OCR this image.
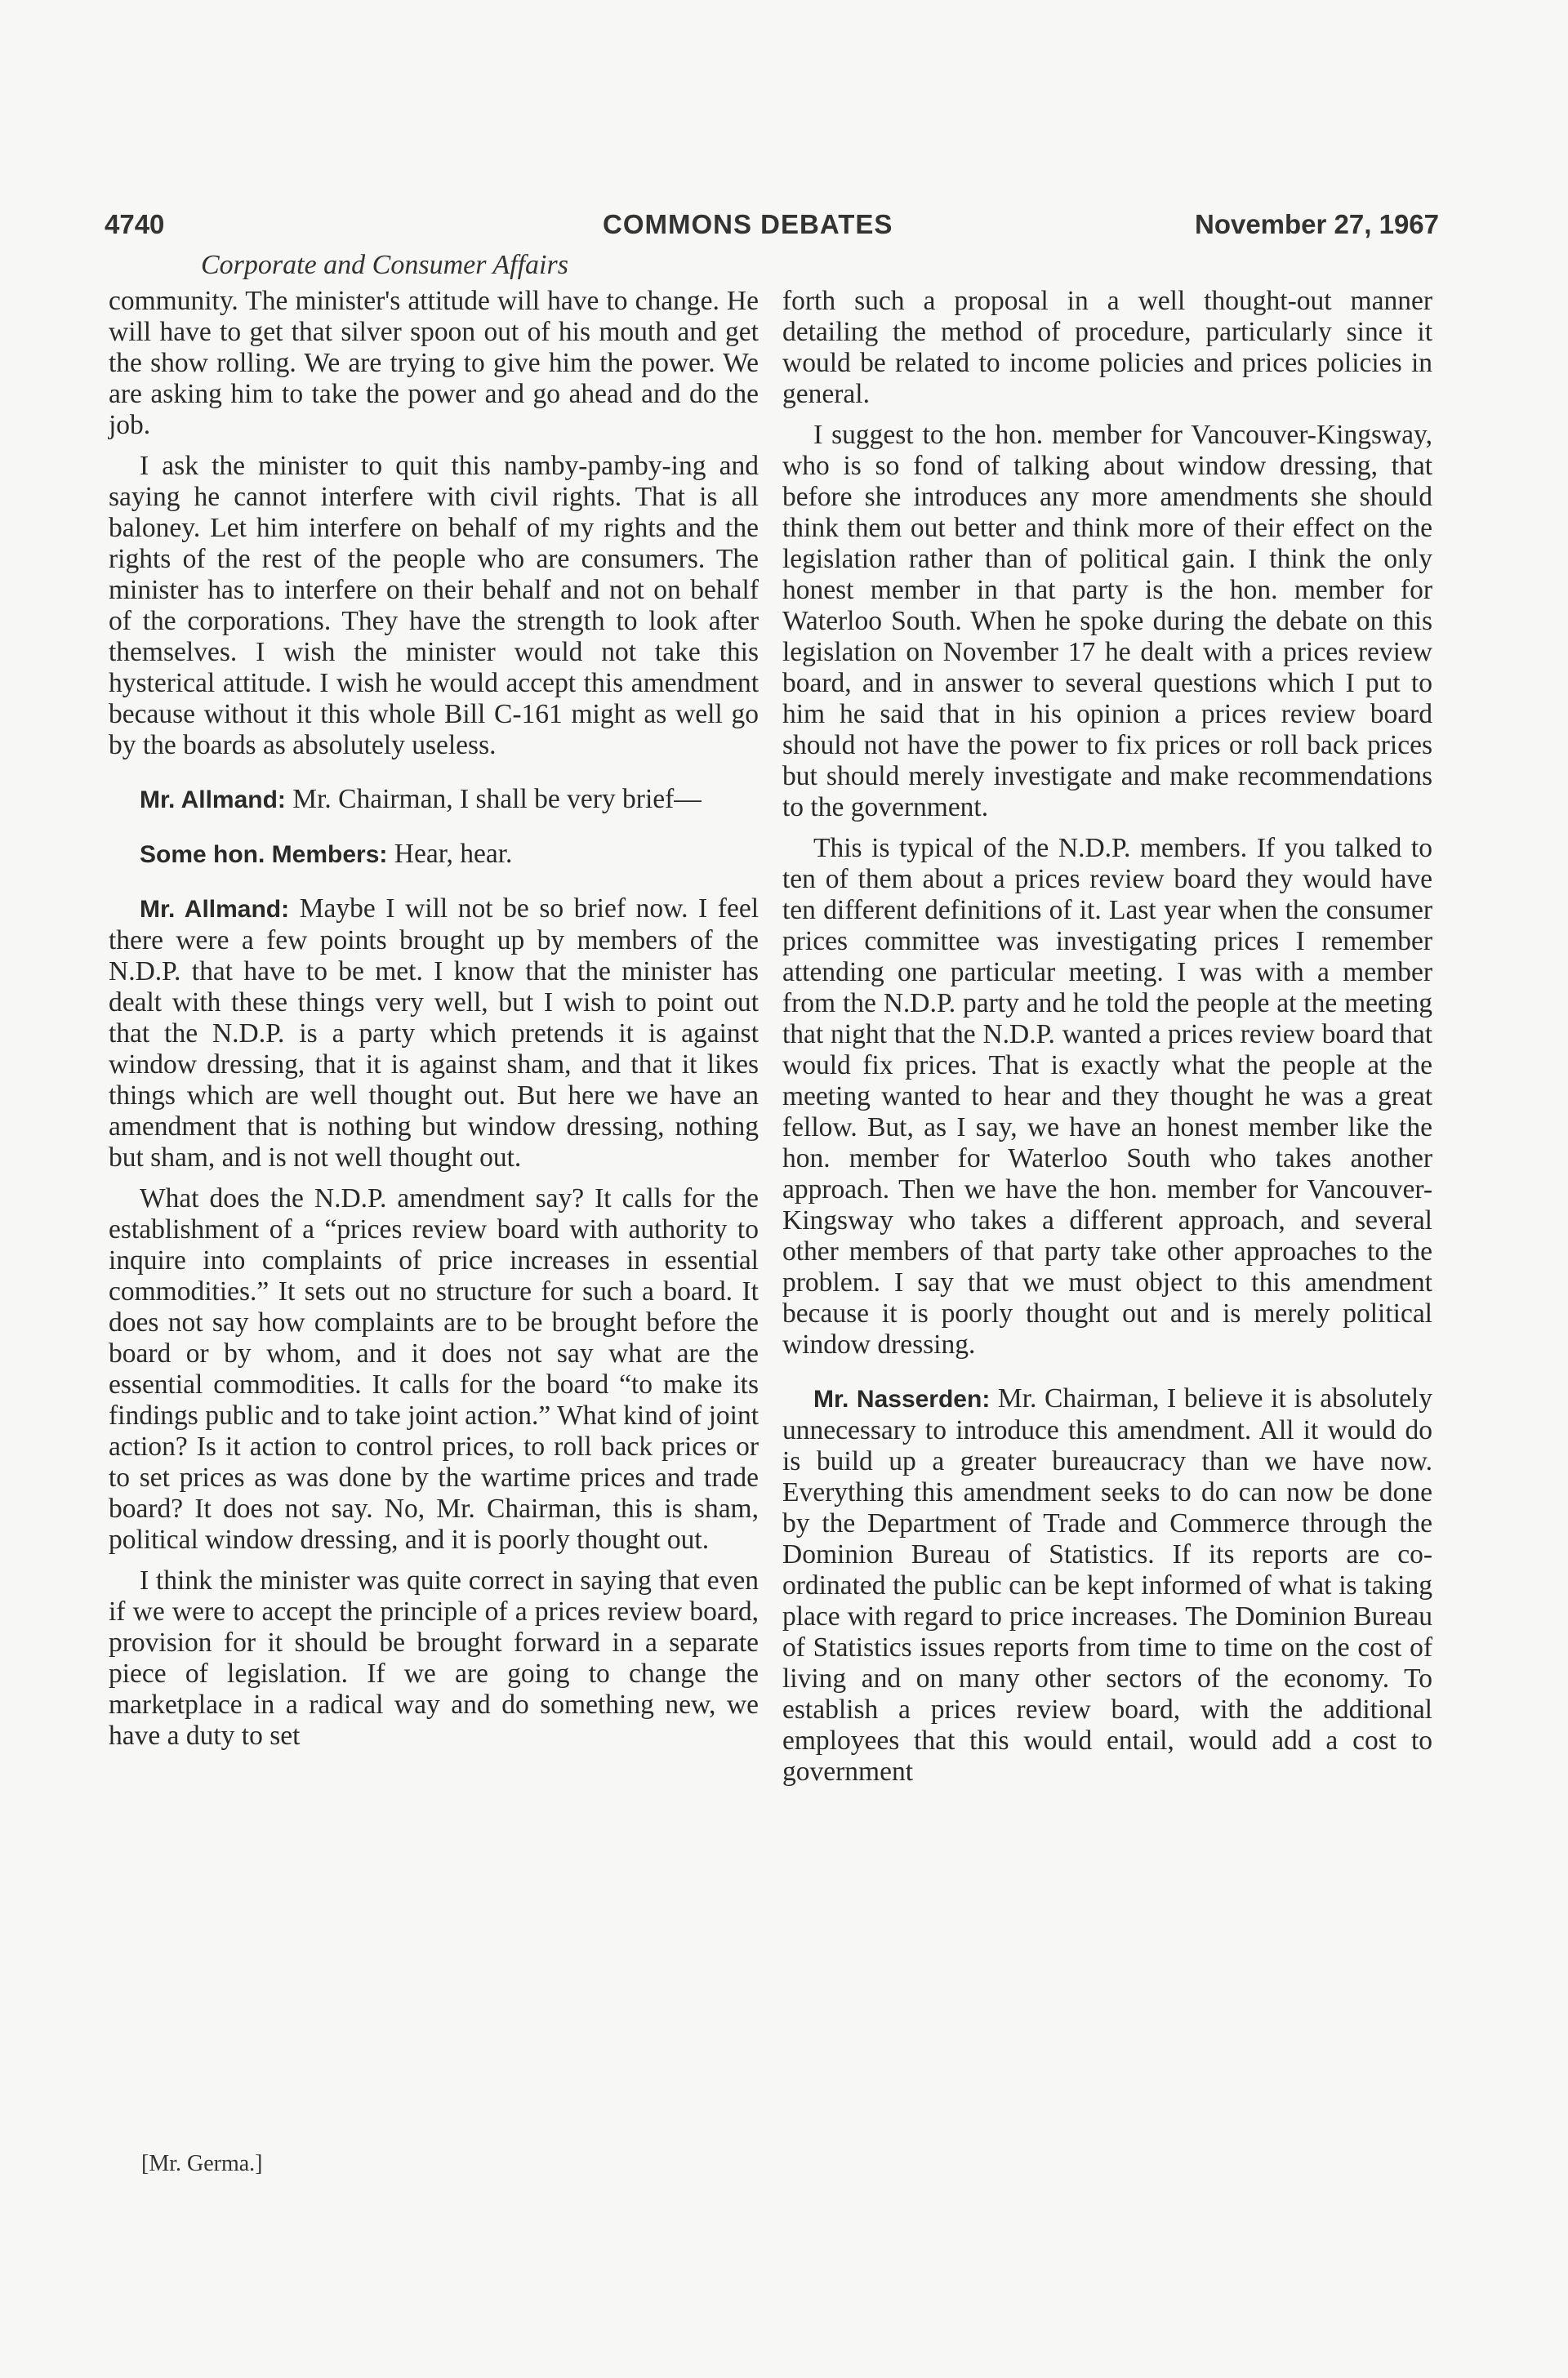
4740	COMMONS DEBATES	November 27, 1967
Corporate and Consumer Affairs

community. The minister's attitude will have to change. He will have to get that silver spoon out of his mouth and get the show rolling. We are trying to give him the power. We are asking him to take the power and go ahead and do the job.

I ask the minister to quit this namby-pamby-ing and saying he cannot interfere with civil rights. That is all baloney. Let him interfere on behalf of my rights and the rights of the rest of the people who are consumers. The minister has to interfere on their behalf and not on behalf of the corporations. They have the strength to look after themselves. I wish the minister would not take this hysterical attitude. I wish he would accept this amendment because without it this whole Bill C-161 might as well go by the boards as absolutely useless.

Mr. Allmand: Mr. Chairman, I shall be very brief—

Some hon. Members: Hear, hear.

Mr. Allmand: Maybe I will not be so brief now. I feel there were a few points brought up by members of the N.D.P. that have to be met. I know that the minister has dealt with these things very well, but I wish to point out that the N.D.P. is a party which pretends it is against window dressing, that it is against sham, and that it likes things which are well thought out. But here we have an amendment that is nothing but window dressing, nothing but sham, and is not well thought out.

What does the N.D.P. amendment say? It calls for the establishment of a “prices review board with authority to inquire into complaints of price increases in essential commodities.” It sets out no structure for such a board. It does not say how complaints are to be brought before the board or by whom, and it does not say what are the essential commodities. It calls for the board “to make its findings public and to take joint action.” What kind of joint action? Is it action to control prices, to roll back prices or to set prices as was done by the wartime prices and trade board? It does not say. No, Mr. Chairman, this is sham, political window dressing, and it is poorly thought out.

I think the minister was quite correct in saying that even if we were to accept the principle of a prices review board, provision for it should be brought forward in a separate piece of legislation. If we are going to change the marketplace in a radical way and do something new, we have a duty to set

[Mr. Germa.]

forth such a proposal in a well thought-out manner detailing the method of procedure, particularly since it would be related to income policies and prices policies in general.

I suggest to the hon. member for Vancouver-Kingsway, who is so fond of talking about window dressing, that before she introduces any more amendments she should think them out better and think more of their effect on the legislation rather than of political gain. I think the only honest member in that party is the hon. member for Waterloo South. When he spoke during the debate on this legislation on November 17 he dealt with a prices review board, and in answer to several questions which I put to him he said that in his opinion a prices review board should not have the power to fix prices or roll back prices but should merely investigate and make recommendations to the government.

This is typical of the N.D.P. members. If you talked to ten of them about a prices review board they would have ten different definitions of it. Last year when the consumer prices committee was investigating prices I remember attending one particular meeting. I was with a member from the N.D.P. party and he told the people at the meeting that night that the N.D.P. wanted a prices review board that would fix prices. That is exactly what the people at the meeting wanted to hear and they thought he was a great fellow. But, as I say, we have an honest member like the hon. member for Waterloo South who takes another approach. Then we have the hon. member for Vancouver-Kingsway who takes a different approach, and several other members of that party take other approaches to the problem. I say that we must object to this amendment because it is poorly thought out and is merely political window dressing.

Mr. Nasserden: Mr. Chairman, I believe it is absolutely unnecessary to introduce this amendment. All it would do is build up a greater bureaucracy than we have now. Everything this amendment seeks to do can now be done by the Department of Trade and Commerce through the Dominion Bureau of Statistics. If its reports are co-ordinated the public can be kept informed of what is taking place with regard to price increases. The Dominion Bureau of Statistics issues reports from time to time on the cost of living and on many other sectors of the economy. To establish a prices review board, with the additional employees that this would entail, would add a cost to government
